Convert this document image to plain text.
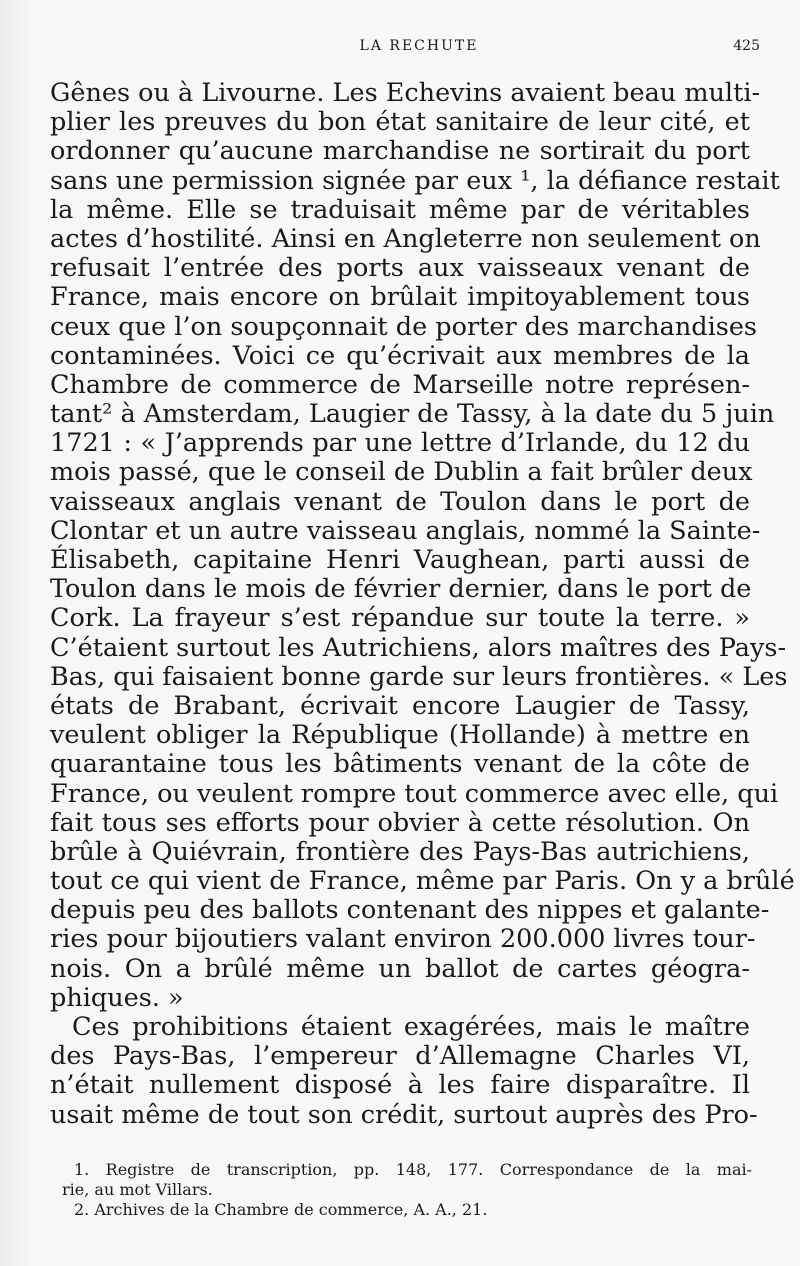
LA RECHUTE	425
Gênes ou à Livourne. Les Echevins avaient beau multi-
plier les preuves du bon état sanitaire de leur cité, et
ordonner qu’aucune marchandise ne sortirait du port
sans une permission signée par eux ¹, la défiance restait
la même. Elle se traduisait même par de véritables
actes d’hostilité. Ainsi en Angleterre non seulement on
refusait l’entrée des ports aux vaisseaux venant de
France, mais encore on brûlait impitoyablement tous
ceux que l’on soupçonnait de porter des marchandises
contaminées. Voici ce qu’écrivait aux membres de la
Chambre de commerce de Marseille notre représen-
tant² à Amsterdam, Laugier de Tassy, à la date du 5 juin
1721 : « J’apprends par une lettre d’Irlande, du 12 du
mois passé, que le conseil de Dublin a fait brûler deux
vaisseaux anglais venant de Toulon dans le port de
Clontar et un autre vaisseau anglais, nommé la Sainte-
Élisabeth, capitaine Henri Vaughean, parti aussi de
Toulon dans le mois de février dernier, dans le port de
Cork. La frayeur s’est répandue sur toute la terre. »
C’étaient surtout les Autrichiens, alors maîtres des Pays-
Bas, qui faisaient bonne garde sur leurs frontières. « Les
états de Brabant, écrivait encore Laugier de Tassy,
veulent obliger la République (Hollande) à mettre en
quarantaine tous les bâtiments venant de la côte de
France, ou veulent rompre tout commerce avec elle, qui
fait tous ses efforts pour obvier à cette résolution. On
brûle à Quiévrain, frontière des Pays-Bas autrichiens,
tout ce qui vient de France, même par Paris. On y a brûlé
depuis peu des ballots contenant des nippes et galante-
ries pour bijoutiers valant environ 200.000 livres tour-
nois. On a brûlé même un ballot de cartes géogra-
phiques. »
Ces prohibitions étaient exagérées, mais le maître
des Pays-Bas, l’empereur d’Allemagne Charles VI,
n’était nullement disposé à les faire disparaître. Il
usait même de tout son crédit, surtout auprès des Pro-
1. Registre de transcription, pp. 148, 177. Correspondance de la mai-
rie, au mot Villars.
2. Archives de la Chambre de commerce, A. A., 21.
